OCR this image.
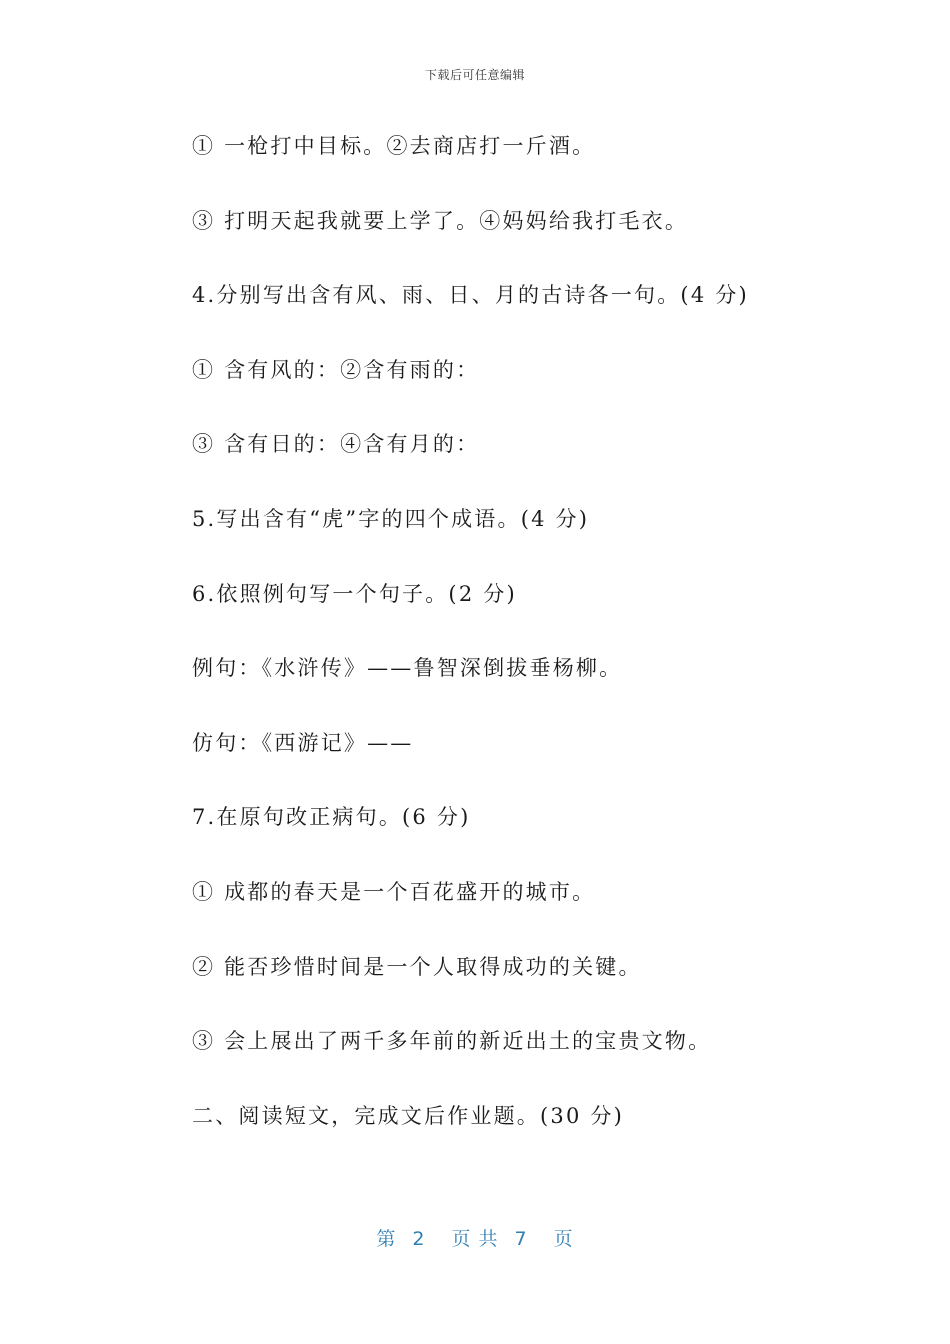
下载后可任意编辑
① 一枪打中目标。②去商店打一斤酒。
③ 打明天起我就要上学了。④妈妈给我打毛衣。
4.分别写出含有风、雨、日、月的古诗各一句。(4 分)
① 含有风的：②含有雨的：
③ 含有日的：④含有月的：
5.写出含有“虎”字的四个成语。(4 分)
6.依照例句写一个句子。(2 分)
例句：《水浒传》——鲁智深倒拔垂杨柳。
仿句：《西游记》——
7.在原句改正病句。(6 分)
① 成都的春天是一个百花盛开的城市。
② 能否珍惜时间是一个人取得成功的关键。
③ 会上展出了两千多年前的新近出土的宝贵文物。
二、阅读短文，完成文后作业题。(30 分)
第 2 页 共 7 页
